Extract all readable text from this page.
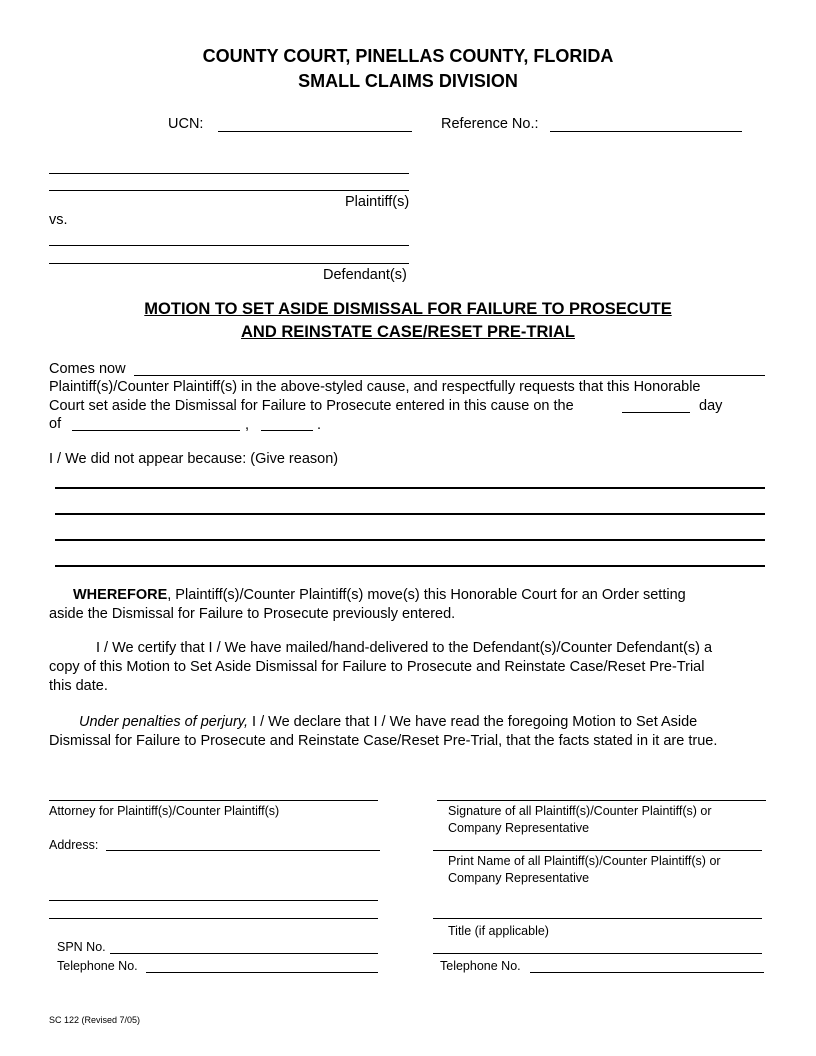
COUNTY COURT, PINELLAS COUNTY, FLORIDA
SMALL CLAIMS DIVISION
UCN:	Reference No.:
Plaintiff(s)
vs.
Defendant(s)
MOTION TO SET ASIDE DISMISSAL FOR FAILURE TO PROSECUTE
AND REINSTATE CASE/RESET PRE-TRIAL
Comes now
Plaintiff(s)/Counter Plaintiff(s) in the above-styled cause, and respectfully requests that this Honorable
Court set aside the Dismissal for Failure to Prosecute entered in this cause on the	day
of	,	.
I / We did not appear because: (Give reason)
WHEREFORE, Plaintiff(s)/Counter Plaintiff(s) move(s) this Honorable Court for an Order setting
aside the Dismissal for Failure to Prosecute previously entered.
I / We certify that I / We have mailed/hand-delivered to the Defendant(s)/Counter Defendant(s) a
copy of this Motion to Set Aside Dismissal for Failure to Prosecute and Reinstate Case/Reset Pre-Trial
this date.
Under penalties of perjury, I / We declare that I / We have read the foregoing Motion to Set Aside
Dismissal for Failure to Prosecute and Reinstate Case/Reset Pre-Trial, that the facts stated in it are true.
Attorney for Plaintiff(s)/Counter Plaintiff(s)
Address:
SPN No.
Telephone No.
Signature of all Plaintiff(s)/Counter Plaintiff(s) or
Company Representative
Print Name of all Plaintiff(s)/Counter Plaintiff(s) or
Company Representative
Title (if applicable)
Telephone No.
SC 122 (Revised 7/05)
